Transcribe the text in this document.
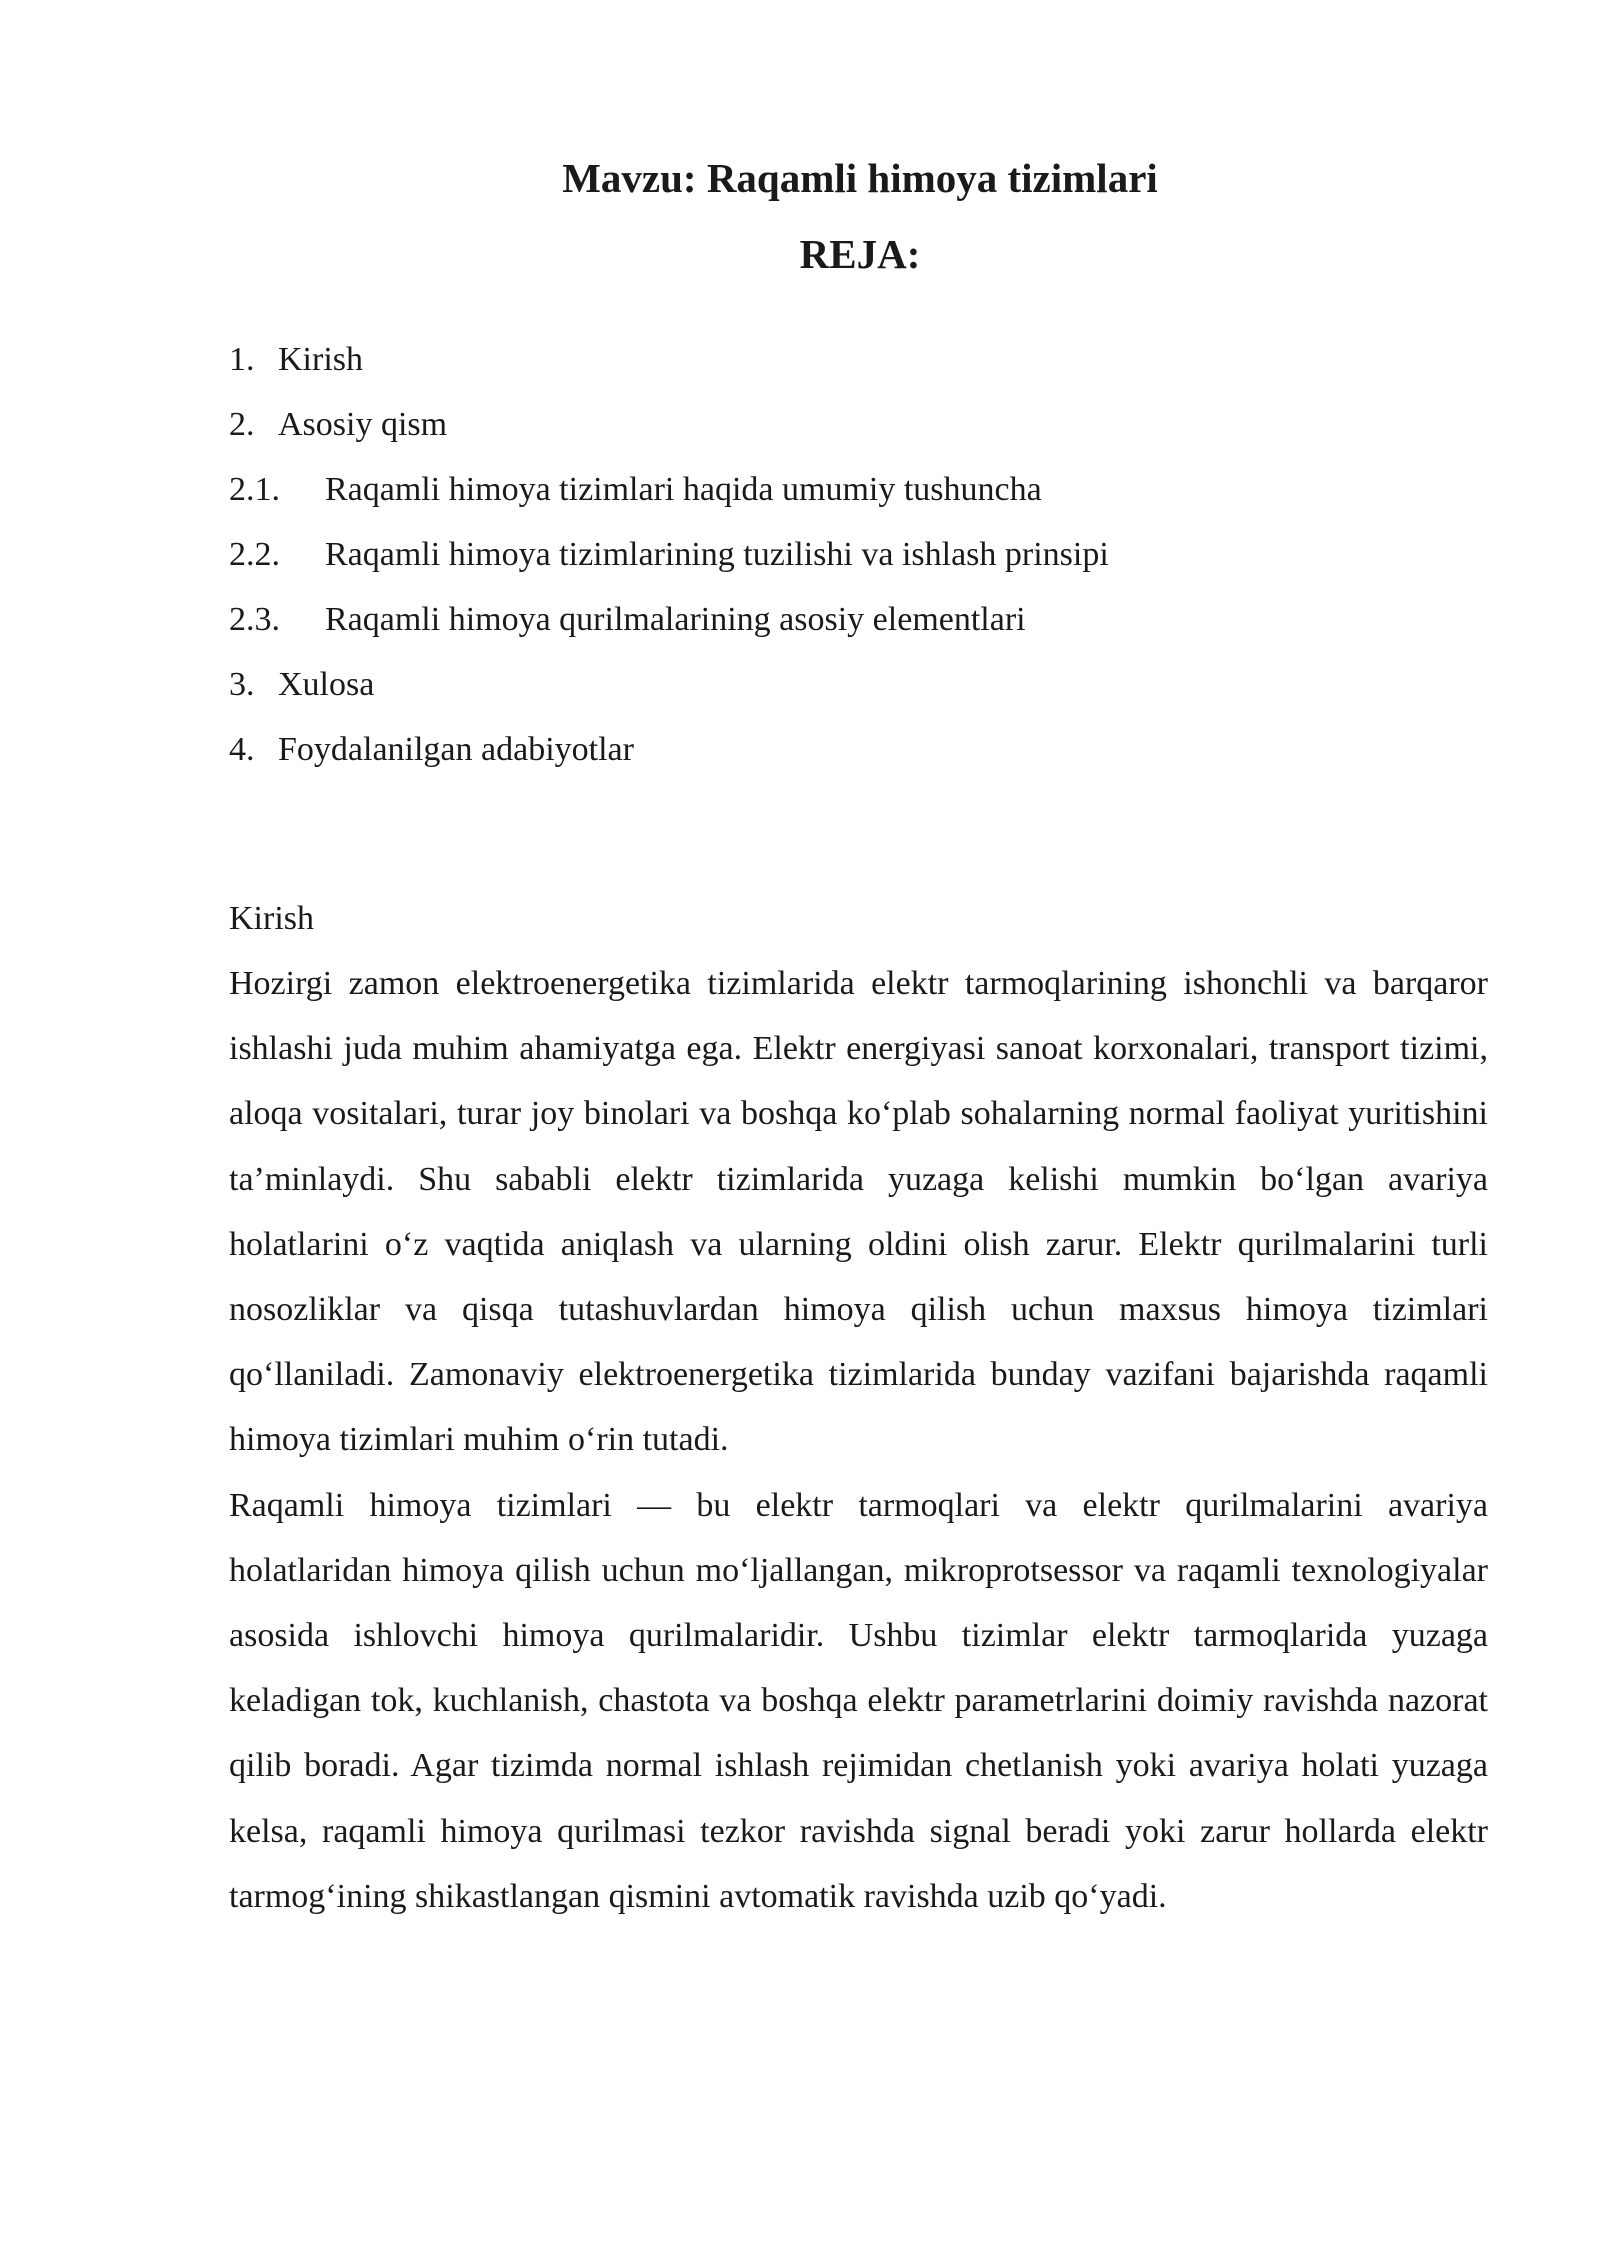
Mavzu: Raqamli himoya tizimlari
REJA:
1. Kirish
2. Asosiy qism
2.1. Raqamli himoya tizimlari haqida umumiy tushuncha
2.2. Raqamli himoya tizimlarining tuzilishi va ishlash prinsipi
2.3. Raqamli himoya qurilmalarining asosiy elementlari
3. Xulosa
4. Foydalanilgan adabiyotlar
Kirish

Hozirgi zamon elektroenergetika tizimlarida elektr tarmoqlarining ishonchli va barqaror ishlashi juda muhim ahamiyatga ega. Elektr energiyasi sanoat korxonalari, transport tizimi, aloqa vositalari, turar joy binolari va boshqa ko‘plab sohalarning normal faoliyat yuritishini ta’minlaydi. Shu sababli elektr tizimlarida yuzaga kelishi mumkin bo‘lgan avariya holatlarini o‘z vaqtida aniqlash va ularning oldini olish zarur. Elektr qurilmalarini turli nosozliklar va qisqa tutashuvlardan himoya qilish uchun maxsus himoya tizimlari qo‘llaniladi. Zamonaviy elektroenergetika tizimlarida bunday vazifani bajarishda raqamli himoya tizimlari muhim o‘rin tutadi.

Raqamli himoya tizimlari — bu elektr tarmoqlari va elektr qurilmalarini avariya holatlaridan himoya qilish uchun mo‘ljallangan, mikroprotsessor va raqamli texnologiyalar asosida ishlovchi himoya qurilmalaridir. Ushbu tizimlar elektr tarmoqlarida yuzaga keladigan tok, kuchlanish, chastota va boshqa elektr parametrlarini doimiy ravishda nazorat qilib boradi. Agar tizimda normal ishlash rejimidan chetlanish yoki avariya holati yuzaga kelsa, raqamli himoya qurilmasi tezkor ravishda signal beradi yoki zarur hollarda elektr tarmog‘ining shikastlangan qismini avtomatik ravishda uzib qo‘yadi.
